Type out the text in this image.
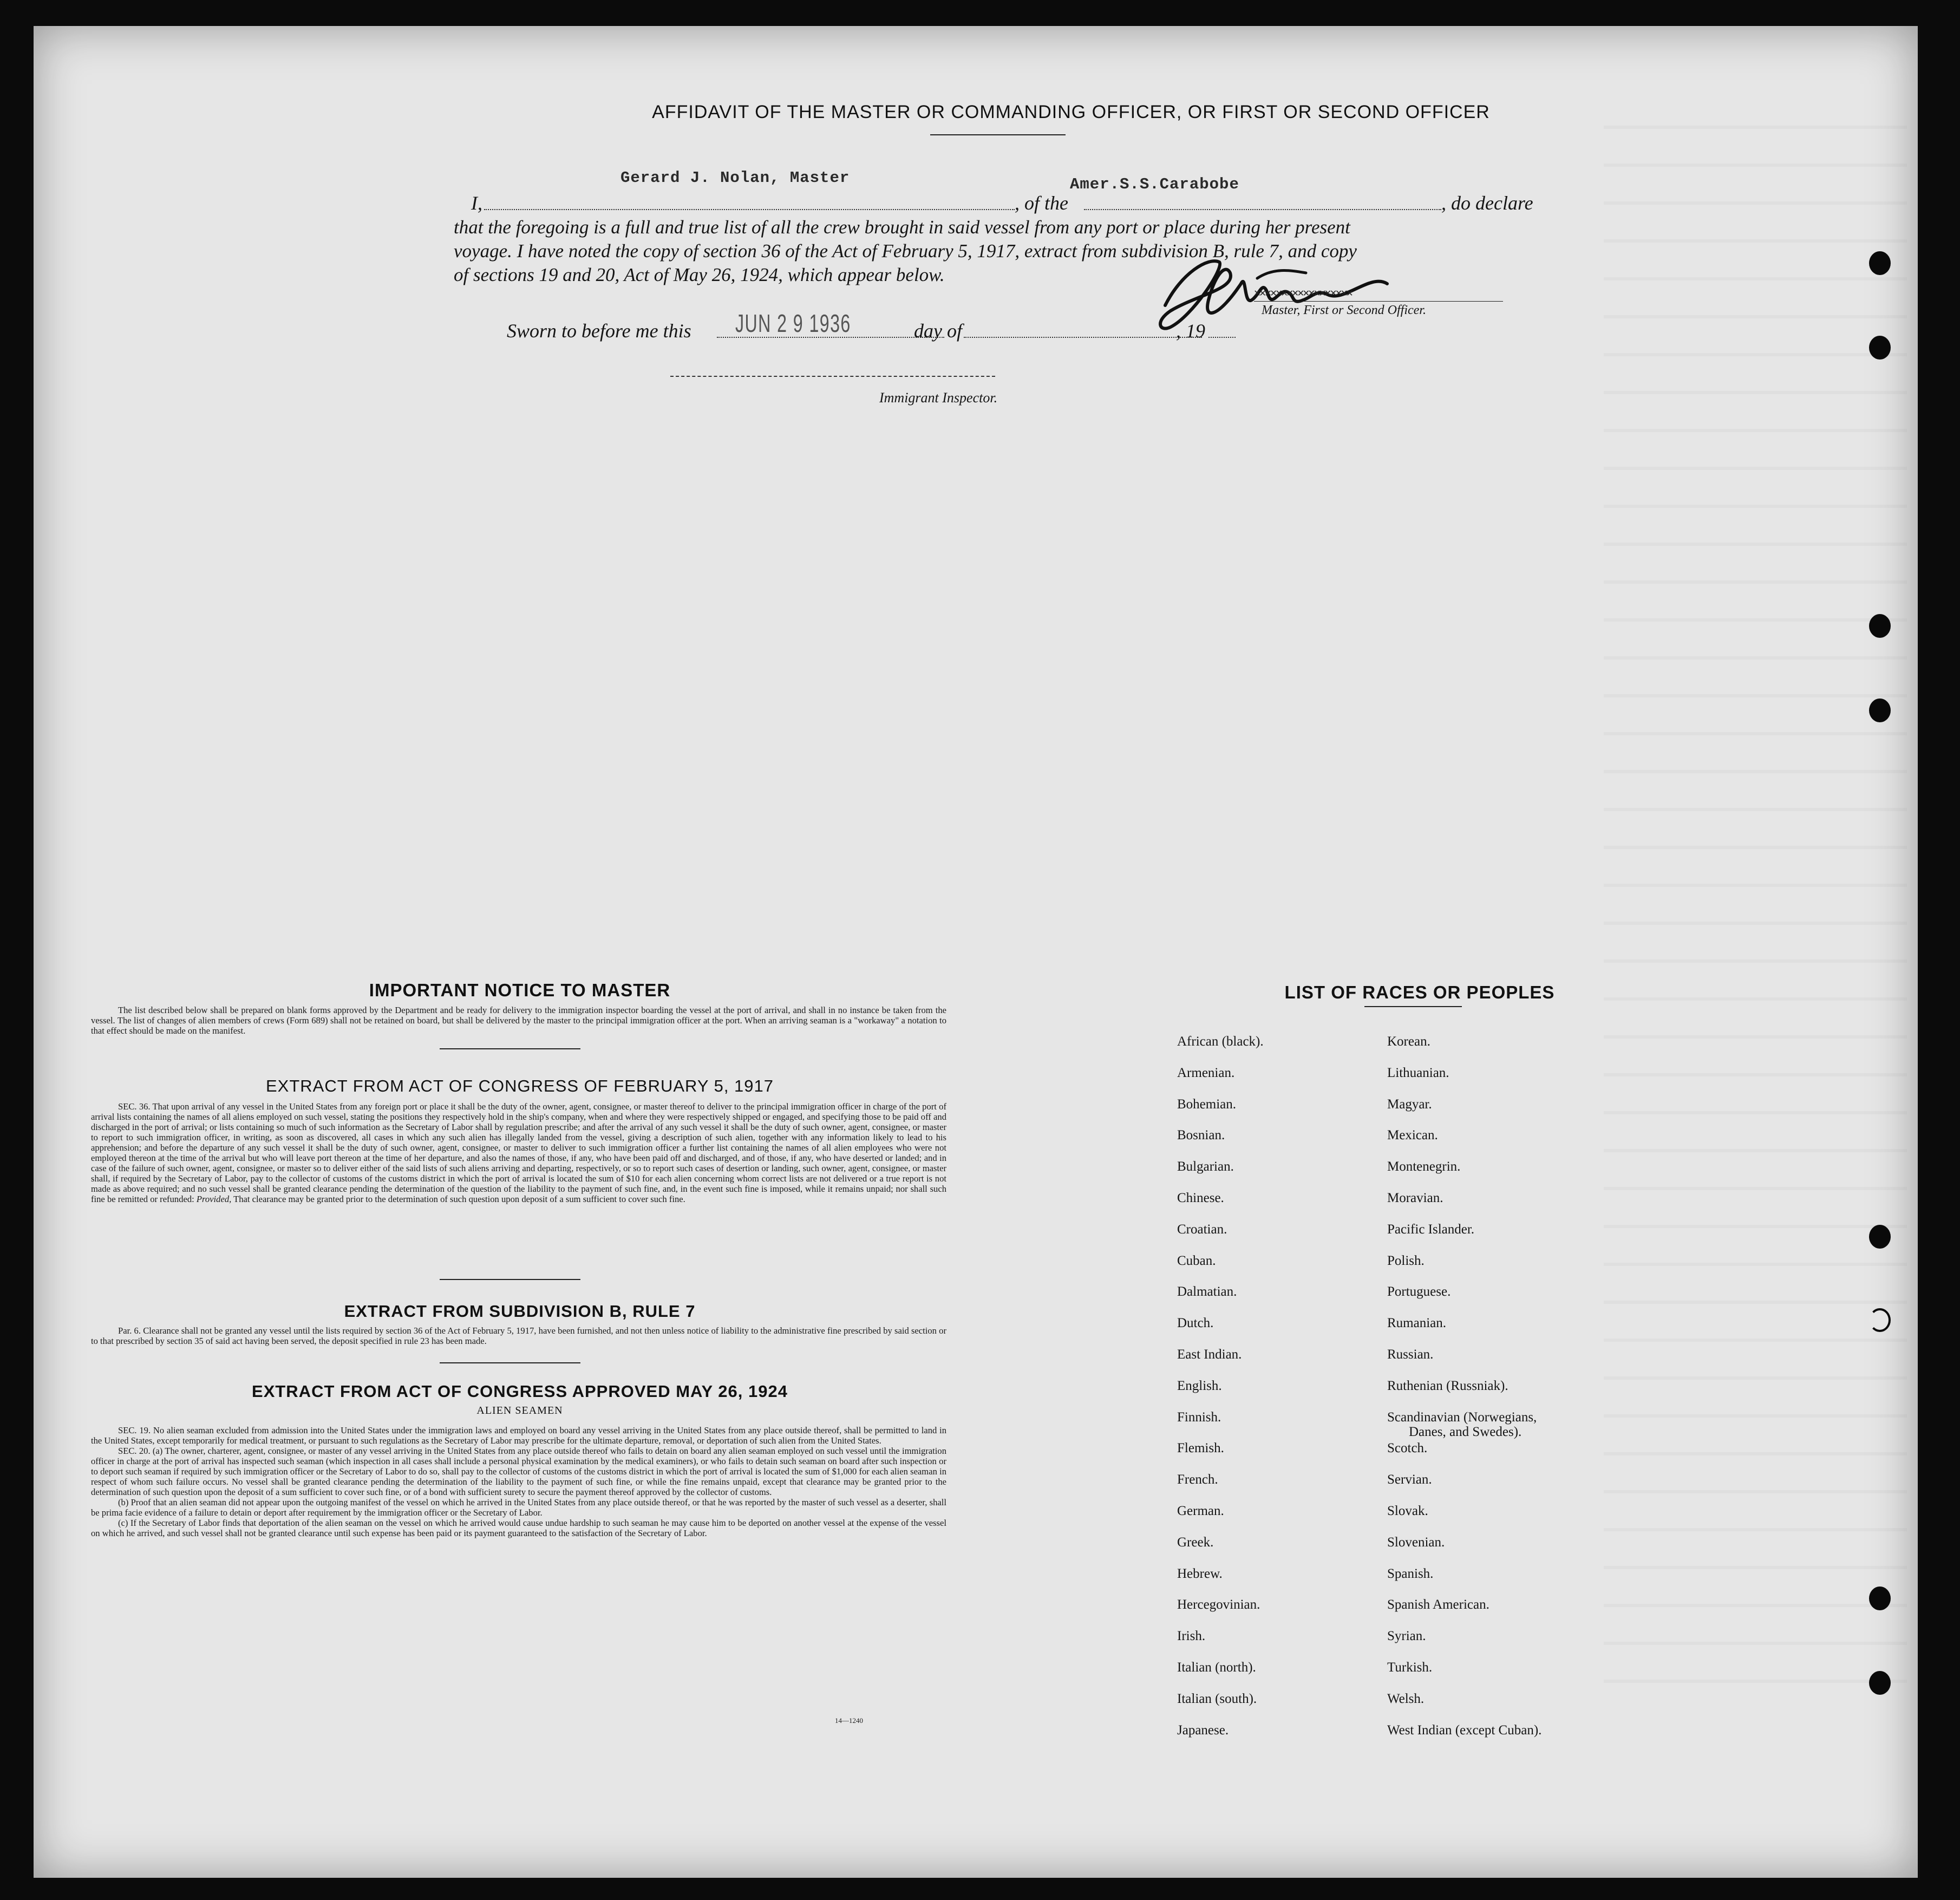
AFFIDAVIT OF THE MASTER OR COMMANDING OFFICER, OR FIRST OR SECOND OFFICER
I,
Gerard J. Nolan, Master
, of the
Amer.S.S.Carabobe
, do declare
that the foregoing is a full and true list of all the crew brought in said vessel from any port or place during her present
voyage. I have noted the copy of section 36 of the Act of February 5, 1917, extract from subdivision B, rule 7, and copy
of sections 19 and 20, Act of May 26, 1924, which appear below.
✕✕✕✕✕✕✕✕✕✕✕✕✕✕✕✕✕✕
Master, First or Second Officer.
Sworn to before me this JUN 2 9 1936	day of	, 19
Immigrant Inspector.
IMPORTANT NOTICE TO MASTER
The list described below shall be prepared on blank forms approved by the Department and be ready for delivery to the immigration inspector boarding the vessel at the port of arrival, and shall in no instance be taken from the vessel. The list of changes of alien members of crews (Form 689) shall not be retained on board, but shall be delivered by the master to the principal immigration officer at the port. When an arriving seaman is a "workaway" a notation to that effect should be made on the manifest.
EXTRACT FROM ACT OF CONGRESS OF FEBRUARY 5, 1917
SEC. 36. That upon arrival of any vessel in the United States from any foreign port or place it shall be the duty of the owner, agent, consignee, or master thereof to deliver to the principal immigration officer in charge of the port of arrival lists containing the names of all aliens employed on such vessel, stating the positions they respectively hold in the ship's company, when and where they were respectively shipped or engaged, and specifying those to be paid off and discharged in the port of arrival; or lists containing so much of such information as the Secretary of Labor shall by regulation prescribe; and after the arrival of any such vessel it shall be the duty of such owner, agent, consignee, or master to report to such immigration officer, in writing, as soon as discovered, all cases in which any such alien has illegally landed from the vessel, giving a description of such alien, together with any information likely to lead to his apprehension; and before the departure of any such vessel it shall be the duty of such owner, agent, consignee, or master to deliver to such immigration officer a further list containing the names of all alien employees who were not employed thereon at the time of the arrival but who will leave port thereon at the time of her departure, and also the names of those, if any, who have been paid off and discharged, and of those, if any, who have deserted or landed; and in case of the failure of such owner, agent, consignee, or master so to deliver either of the said lists of such aliens arriving and departing, respectively, or so to report such cases of desertion or landing, such owner, agent, consignee, or master shall, if required by the Secretary of Labor, pay to the collector of customs of the customs district in which the port of arrival is located the sum of $10 for each alien concerning whom correct lists are not delivered or a true report is not made as above required; and no such vessel shall be granted clearance pending the determination of the question of the liability to the payment of such fine, and, in the event such fine is imposed, while it remains unpaid; nor shall such fine be remitted or refunded: Provided, That clearance may be granted prior to the determination of such question upon deposit of a sum sufficient to cover such fine.
EXTRACT FROM SUBDIVISION B, RULE 7
Par. 6. Clearance shall not be granted any vessel until the lists required by section 36 of the Act of February 5, 1917, have been furnished, and not then unless notice of liability to the administrative fine prescribed by said section or to that prescribed by section 35 of said act having been served, the deposit specified in rule 23 has been made.
EXTRACT FROM ACT OF CONGRESS APPROVED MAY 26, 1924
ALIEN SEAMEN

SEC. 19. No alien seaman excluded from admission into the United States under the immigration laws and employed on board any vessel arriving in the United States from any place outside thereof, shall be permitted to land in the United States, except temporarily for medical treatment, or pursuant to such regulations as the Secretary of Labor may prescribe for the ultimate departure, removal, or deportation of such alien from the United States.

SEC. 20. (a) The owner, charterer, agent, consignee, or master of any vessel arriving in the United States from any place outside thereof who fails to detain on board any alien seaman employed on such vessel until the immigration officer in charge at the port of arrival has inspected such seaman (which inspection in all cases shall include a personal physical examination by the medical examiners), or who fails to detain such seaman on board after such inspection or to deport such seaman if required by such immigration officer or the Secretary of Labor to do so, shall pay to the collector of customs of the customs district in which the port of arrival is located the sum of $1,000 for each alien seaman in respect of whom such failure occurs. No vessel shall be granted clearance pending the determination of the liability to the payment of such fine, or while the fine remains unpaid, except that clearance may be granted prior to the determination of such question upon the deposit of a sum sufficient to cover such fine, or of a bond with sufficient surety to secure the payment thereof approved by the collector of customs.

(b) Proof that an alien seaman did not appear upon the outgoing manifest of the vessel on which he arrived in the United States from any place outside thereof, or that he was reported by the master of such vessel as a deserter, shall be prima facie evidence of a failure to detain or deport after requirement by the immigration officer or the Secretary of Labor.

(c) If the Secretary of Labor finds that deportation of the alien seaman on the vessel on which he arrived would cause undue hardship to such seaman he may cause him to be deported on another vessel at the expense of the vessel on which he arrived, and such vessel shall not be granted clearance until such expense has been paid or its payment guaranteed to the satisfaction of the Secretary of Labor.

14—1240
LIST OF RACES OR PEOPLES
African (black).
Armenian.
Bohemian.
Bosnian.
Bulgarian.
Chinese.
Croatian.
Cuban.
Dalmatian.
Dutch.
East Indian.
English.
Finnish.
Flemish.
French.
German.
Greek.
Hebrew.
Hercegovinian.
Irish.
Italian (north).
Italian (south).
Japanese.
Korean.
Lithuanian.
Magyar.
Mexican.
Montenegrin.
Moravian.
Pacific Islander.
Polish.
Portuguese.
Rumanian.
Russian.
Ruthenian (Russniak).
Scandinavian (Norwegians,
Danes, and Swedes).
Scotch.
Servian.
Slovak.
Slovenian.
Spanish.
Spanish American.
Syrian.
Turkish.
Welsh.
West Indian (except Cuban).
